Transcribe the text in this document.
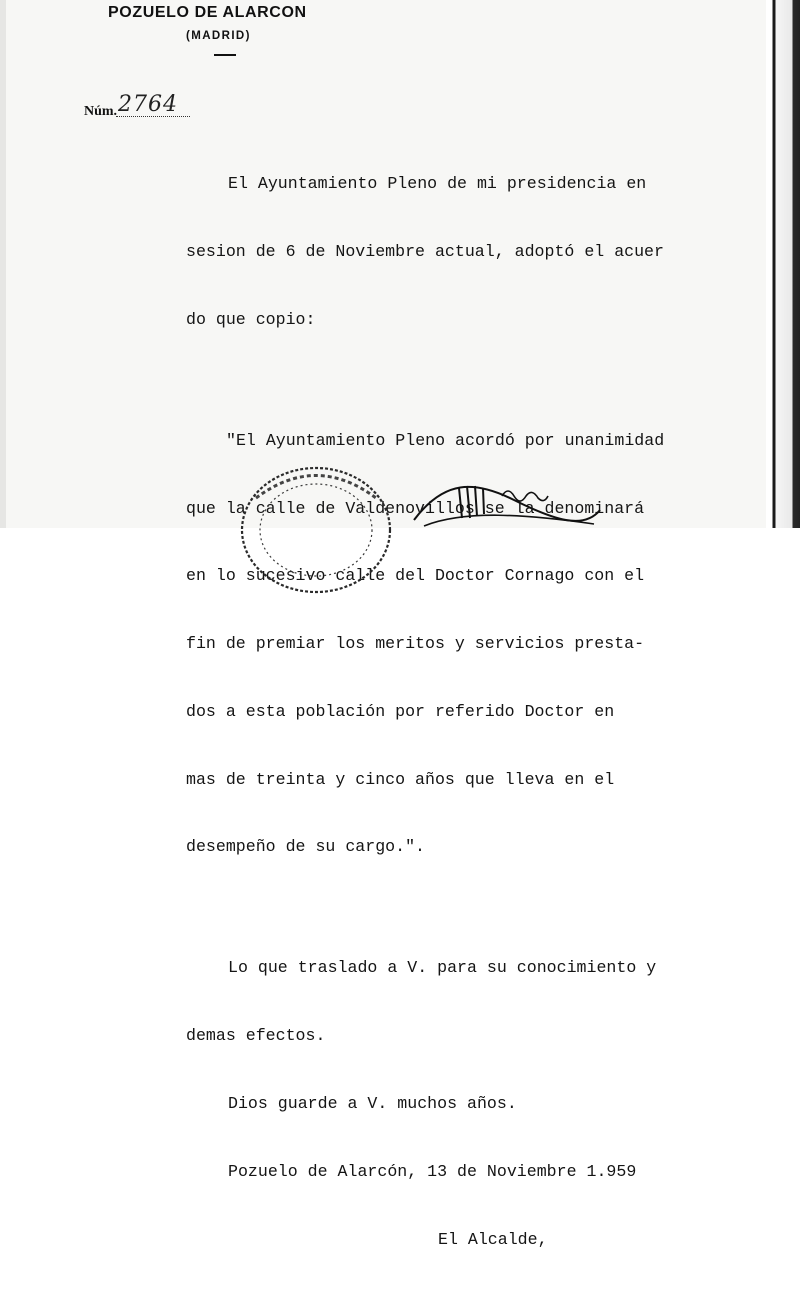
POZUELO DE ALARCON
(MADRID)
Núm. 2764

El Ayuntamiento Pleno de mi presidencia en

sesion de 6 de Noviembre actual, adoptó el acuer

do que copio:

"El Ayuntamiento Pleno acordó por unanimidad

que la calle de Valdenovillos se la denominará

en lo sucesivo calle del Doctor Cornago con el

fin de premiar los meritos y servicios presta-

dos a esta población por referido Doctor en

mas de treinta y cinco años que lleva en el

desempeño de su cargo.".

Lo que traslado a V. para su conocimiento y

demas efectos.

Dios guarde a V. muchos años.

Pozuelo de Alarcón, 13 de Noviembre 1.959

El Alcalde,
